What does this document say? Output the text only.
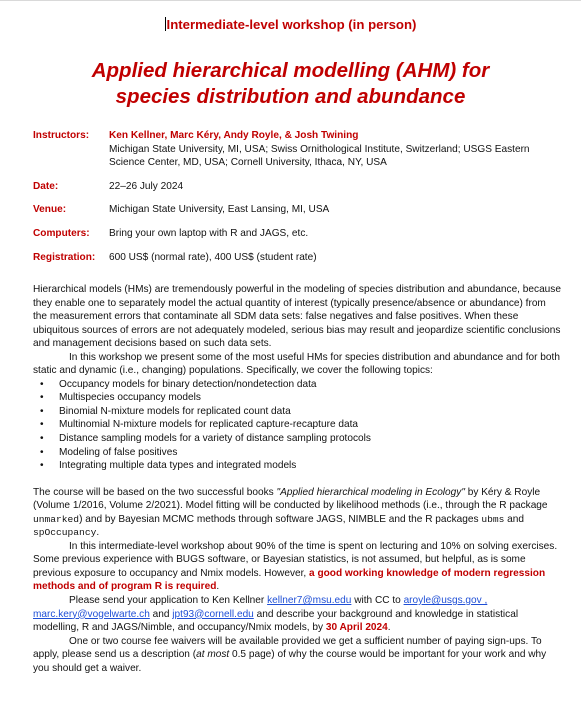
Intermediate-level workshop (in person)
Applied hierarchical modelling (AHM) for
species distribution and abundance
Instructors:	Ken Kellner, Marc Kéry, Andy Royle, & Josh Twining
Michigan State University, MI, USA; Swiss Ornithological Institute, Switzerland; USGS Eastern Science Center, MD, USA; Cornell University, Ithaca, NY, USA
Date:	22–26 July 2024
Venue:	Michigan State University, East Lansing, MI, USA
Computers:	Bring your own laptop with R and JAGS, etc.
Registration:	600 US$ (normal rate), 400 US$ (student rate)

Hierarchical models (HMs) are tremendously powerful in the modeling of species distribution and abundance, because they enable one to separately model the actual quantity of interest (typically presence/absence or abundance) from the measurement errors that contaminate all SDM data sets: false negatives and false positives. When these ubiquitous sources of errors are not adequately modeled, serious bias may result and jeopardize scientific conclusions and management decisions based on such data sets.

In this workshop we present some of the most useful HMs for species distribution and abundance and for both static and dynamic (i.e., changing) populations. Specifically, we cover the following topics:

• Occupancy models for binary detection/nondetection data
• Multispecies occupancy models
• Binomial N-mixture models for replicated count data
• Multinomial N-mixture models for replicated capture-recapture data
• Distance sampling models for a variety of distance sampling protocols
• Modeling of false positives
• Integrating multiple data types and integrated models

The course will be based on the two successful books "Applied hierarchical modeling in Ecology" by Kéry & Royle (Volume 1/2016, Volume 2/2021). Model fitting will be conducted by likelihood methods (i.e., through the R package unmarked) and by Bayesian MCMC methods through software JAGS, NIMBLE and the R packages ubms and spOccupancy.

In this intermediate-level workshop about 90% of the time is spent on lecturing and 10% on solving exercises. Some previous experience with BUGS software, or Bayesian statistics, is not assumed, but helpful, as is some previous exposure to occupancy and Nmix models. However, a good working knowledge of modern regression methods and of program R is required.

Please send your application to Ken Kellner kellner7@msu.edu with CC to aroyle@usgs.gov , marc.kery@vogelwarte.ch and jpt93@cornell.edu and describe your background and knowledge in statistical modelling, R and JAGS/Nimble, and occupancy/Nmix models, by 30 April 2024.

One or two course fee waivers will be available provided we get a sufficient number of paying sign-ups. To apply, please send us a description (at most 0.5 page) of why the course would be important for your work and why you should get a waiver.
